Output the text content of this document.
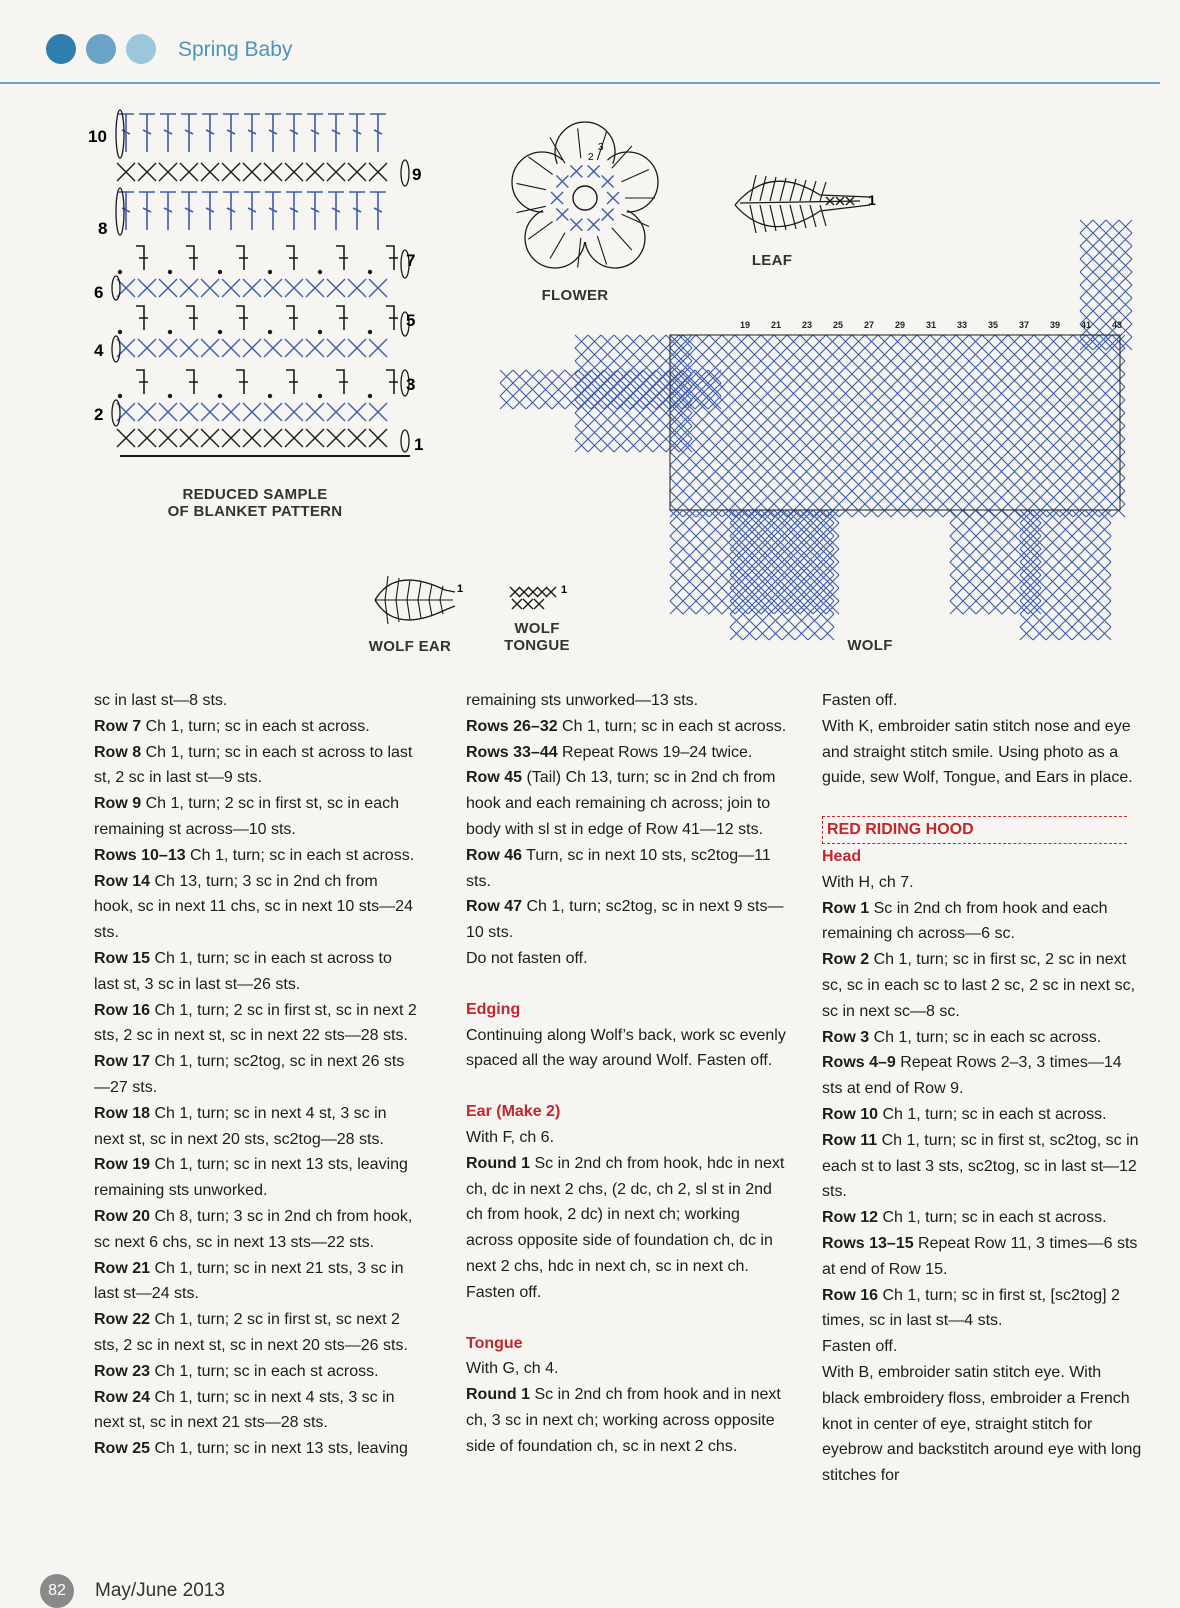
Spring Baby
10
9
8
7
6
5
4
3
2
1
REDUCED SAMPLE
OF BLANKET PATTERN
2
3
FLOWER
1
LEAF
19 21 23 25 27 29 31 33 35 37 39 41 43
WOLF
1
WOLF EAR
1
WOLF
TONGUE

sc in last st—8 sts.

Row 7 Ch 1, turn; sc in each st across.

Row 8 Ch 1, turn; sc in each st across to last st, 2 sc in last st—9 sts.

Row 9 Ch 1, turn; 2 sc in first st, sc in each remaining st across—10 sts.

Rows 10–13 Ch 1, turn; sc in each st across.

Row 14 Ch 13, turn; 3 sc in 2nd ch from hook, sc in next 11 chs, sc in next 10 sts—24 sts.

Row 15 Ch 1, turn; sc in each st across to last st, 3 sc in last st—26 sts.

Row 16 Ch 1, turn; 2 sc in first st, sc in next 2 sts, 2 sc in next st, sc in next 22 sts—28 sts.

Row 17 Ch 1, turn; sc2tog, sc in next 26 sts—27 sts.

Row 18 Ch 1, turn; sc in next 4 st, 3 sc in next st, sc in next 20 sts, sc2tog—28 sts.

Row 19 Ch 1, turn; sc in next 13 sts, leaving remaining sts unworked.

Row 20 Ch 8, turn; 3 sc in 2nd ch from hook, sc next 6 chs, sc in next 13 sts—22 sts.

Row 21 Ch 1, turn; sc in next 21 sts, 3 sc in last st—24 sts.

Row 22 Ch 1, turn; 2 sc in first st, sc next 2 sts, 2 sc in next st, sc in next 20 sts—26 sts.

Row 23 Ch 1, turn; sc in each st across.

Row 24 Ch 1, turn; sc in next 4 sts, 3 sc in next st, sc in next 21 sts—28 sts.

Row 25 Ch 1, turn; sc in next 13 sts, leaving

remaining sts unworked—13 sts.

Rows 26–32 Ch 1, turn; sc in each st across.

Rows 33–44 Repeat Rows 19–24 twice.

Row 45 (Tail) Ch 13, turn; sc in 2nd ch from hook and each remaining ch across; join to body with sl st in edge of Row 41—12 sts.

Row 46 Turn, sc in next 10 sts, sc2tog—11 sts.

Row 47 Ch 1, turn; sc2tog, sc in next 9 sts—10 sts.

Do not fasten off.

Edging

Continuing along Wolf’s back, work sc evenly spaced all the way around Wolf. Fasten off.

Ear (Make 2)

With F, ch 6.

Round 1 Sc in 2nd ch from hook, hdc in next ch, dc in next 2 chs, (2 dc, ch 2, sl st in 2nd ch from hook, 2 dc) in next ch; working across opposite side of foundation ch, dc in next 2 chs, hdc in next ch, sc in next ch. Fasten off.

Tongue

With G, ch 4.

Round 1 Sc in 2nd ch from hook and in next ch, 3 sc in next ch; working across opposite side of foundation ch, sc in next 2 chs.

Fasten off.

With K, embroider satin stitch nose and eye and straight stitch smile. Using photo as a guide, sew Wolf, Tongue, and Ears in place.

RED RIDING HOOD

Head

With H, ch 7.

Row 1 Sc in 2nd ch from hook and each remaining ch across—6 sc.

Row 2 Ch 1, turn; sc in first sc, 2 sc in next sc, sc in each sc to last 2 sc, 2 sc in next sc, sc in next sc—8 sc.

Row 3 Ch 1, turn; sc in each sc across.

Rows 4–9 Repeat Rows 2–3, 3 times—14 sts at end of Row 9.

Row 10 Ch 1, turn; sc in each st across.

Row 11 Ch 1, turn; sc in first st, sc2tog, sc in each st to last 3 sts, sc2tog, sc in last st—12 sts.

Row 12 Ch 1, turn; sc in each st across.

Rows 13–15 Repeat Row 11, 3 times—6 sts at end of Row 15.

Row 16 Ch 1, turn; sc in first st, [sc2tog] 2 times, sc in last st—4 sts.

Fasten off.

With B, embroider satin stitch eye. With black embroidery floss, embroider a French knot in center of eye, straight stitch for eyebrow and backstitch around eye with long stitches for

82	May/June 2013
